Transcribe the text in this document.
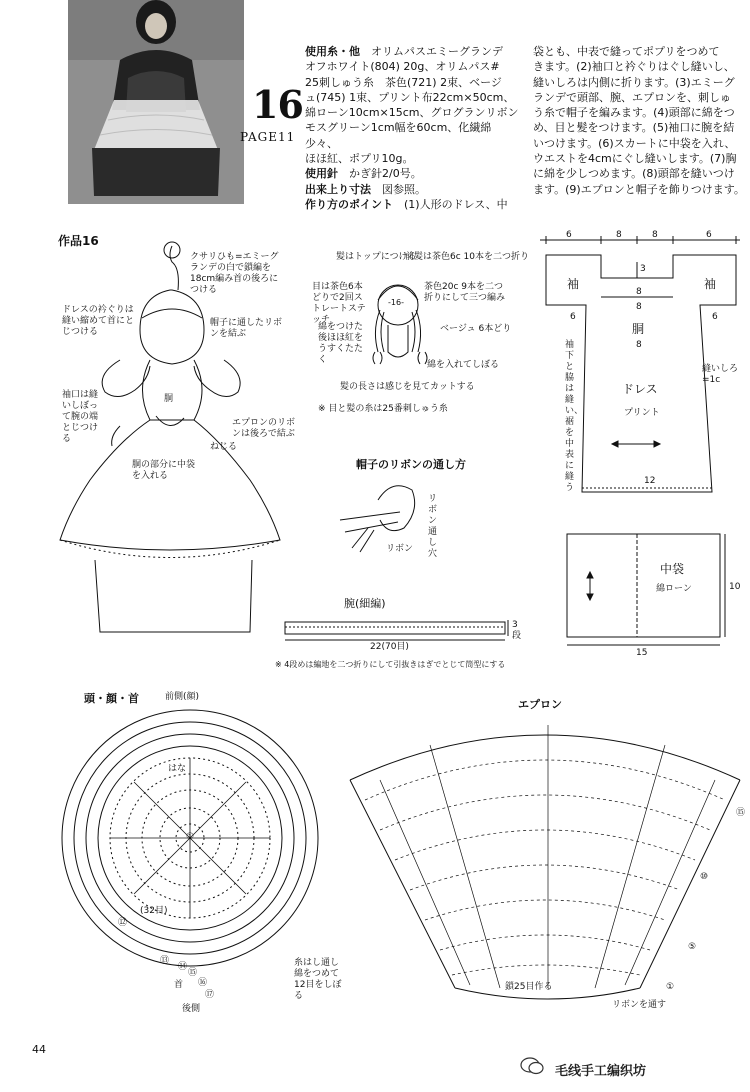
16
PAGE11
使用糸・他　 オリムパスエミーグランデ
オフホワイト(804) 20g、オリムパス#
25刺しゅう糸　茶色(721) 2束、ベージ
ュ(745) 1束、プリント布22cm×50cm、
綿ローン10cm×15cm、グログランリボン
モスグリーン1cm幅を60cm、化繊綿少々、
ほほ紅、ポプリ10g。
使用針　 かぎ針2/0号。
出来上り寸法　 図参照。
作り方のポイント　 (1)人形のドレス、中
袋とも、中表で縫ってポプリをつめて
きます。(2)袖口と衿ぐりはぐし縫いし、
縫いしろは内側に折ります。(3)エミーグ
ランデで頭部、腕、エプロンを、刺しゅ
う糸で帽子を編みます。(4)頭部に綿をつ
め、目と髪をつけます。(5)袖口に腕を結
いつけます。(6)スカートに中袋を入れ、
ウエストを4cmにぐし縫いします。(7)胸
に綿を少しつめます。(8)頭部を縫いつけ
ます。(9)エプロンと帽子を飾りつけます。
作品16
クサリひも=エミーグランデの白で鎖編を18cm編み首の後ろにつける
ドレスの衿ぐりは縫い縮めて首にとじつける
帽子に通したリボンを結ぶ
袖口は縫いしぼって腕の端とじつける
胴
エプロンのリボンは後ろで結ぶ
ねじる
胴の部分に中袋を入れる
髪はトップにつける
前髪は茶色6c 10本を二つ折り
目は茶色6本どりで2回ストレートステッチ
茶色20c 9本を二つ折りにして三つ編み
綿をつけた後ほほ紅をうすくたたく
ベージュ 6本どり
綿を入れてしぼる
髪の長さは感じを見てカットする
※ 目と髪の糸は25番刺しゅう糸
-16-
帽子のリボンの通し方
リボン
リボン通し穴
腕(細編)
22(70目)
3段
※ 4段めは編地を二つ折りにして引抜きはぎでとじて筒型にする
6	8	8	6
3
8
6
8
6
8
12
袖	袖
胴
ドレス
プリント
袖下と脇は縫い、裾を中表に縫う
縫いしろ=1c
中袋
綿ローン	10
15
頭・顔・首	前側(顔)
はな
①
(32目)
⑫
⑬
⑭
⑮
⑯
⑰
首
後側
糸はし通し綿をつめて12目をしぼる
エプロン
鎖25目作る
リボンを通す
①
⑤
⑩
⑮
44
毛线手工编织坊
